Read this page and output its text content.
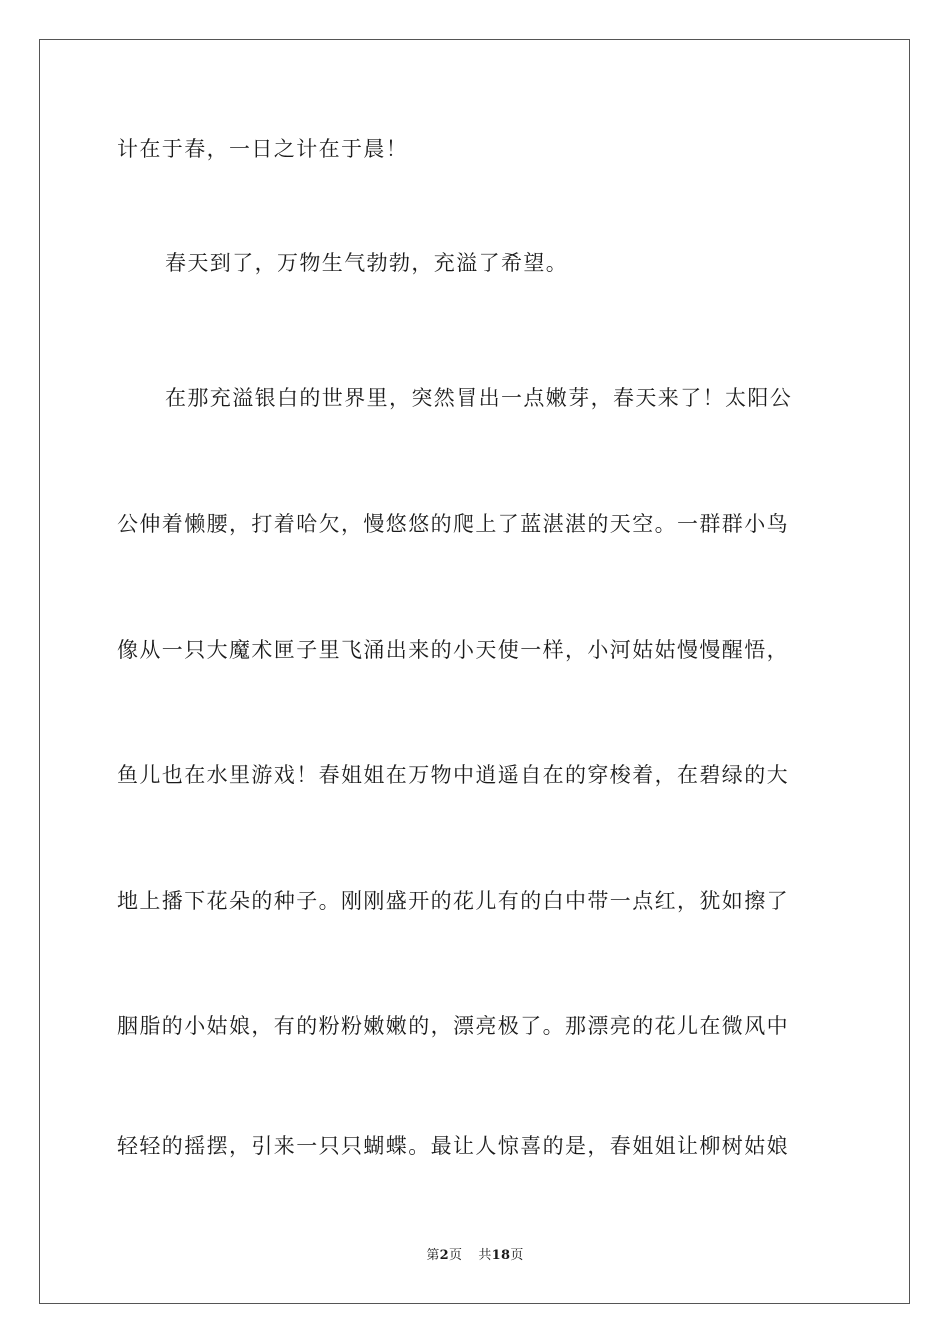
计在于春，一日之计在于晨！
春天到了，万物生气勃勃，充溢了希望。
在那充溢银白的世界里，突然冒出一点嫩芽，春天来了！太阳公
公伸着懒腰，打着哈欠，慢悠悠的爬上了蓝湛湛的天空。一群群小鸟
像从一只大魔术匣子里飞涌出来的小天使一样，小河姑姑慢慢醒悟，
鱼儿也在水里游戏！春姐姐在万物中逍遥自在的穿梭着，在碧绿的大
地上播下花朵的种子。刚刚盛开的花儿有的白中带一点红，犹如擦了
胭脂的小姑娘，有的粉粉嫩嫩的，漂亮极了。那漂亮的花儿在微风中
轻轻的摇摆，引来一只只蝴蝶。最让人惊喜的是，春姐姐让柳树姑娘
第2页 共18页
